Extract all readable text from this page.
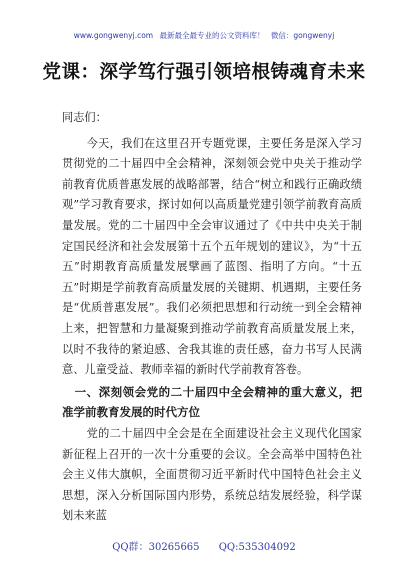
www.gongwenyj.com 最新最全最专业的公文资料库！ 微信：gongwenyj
党课：深学笃行强引领培根铸魂育未来

同志们：

今天，我们在这里召开专题党课，主要任务是深入学习贯彻党的二十届四中全会精神，深刻领会党中央关于推动学前教育优质普惠发展的战略部署，结合“树立和践行正确政绩观”学习教育要求，探讨如何以高质量党建引领学前教育高质量发展。党的二十届四中全会审议通过了《中共中央关于制定国民经济和社会发展第十五个五年规划的建议》，为“十五五”时期教育高质量发展擘画了蓝图、指明了方向。“十五五”时期是学前教育高质量发展的关键期、机遇期，主要任务是“优质普惠发展”。我们必须把思想和行动统一到全会精神上来，把智慧和力量凝聚到推动学前教育高质量发展上来，以时不我待的紧迫感、舍我其谁的责任感，奋力书写人民满意、儿童受益、教师幸福的新时代学前教育答卷。

一、深刻领会党的二十届四中全会精神的重大意义，把准学前教育发展的时代方位

党的二十届四中全会是在全面建设社会主义现代化国家新征程上召开的一次十分重要的会议。全会高举中国特色社会主义伟大旗帜，全面贯彻习近平新时代中国特色社会主义思想，深入分析国际国内形势，系统总结发展经验，科学谋划未来蓝

QQ群：30265665 QQ:535304092
